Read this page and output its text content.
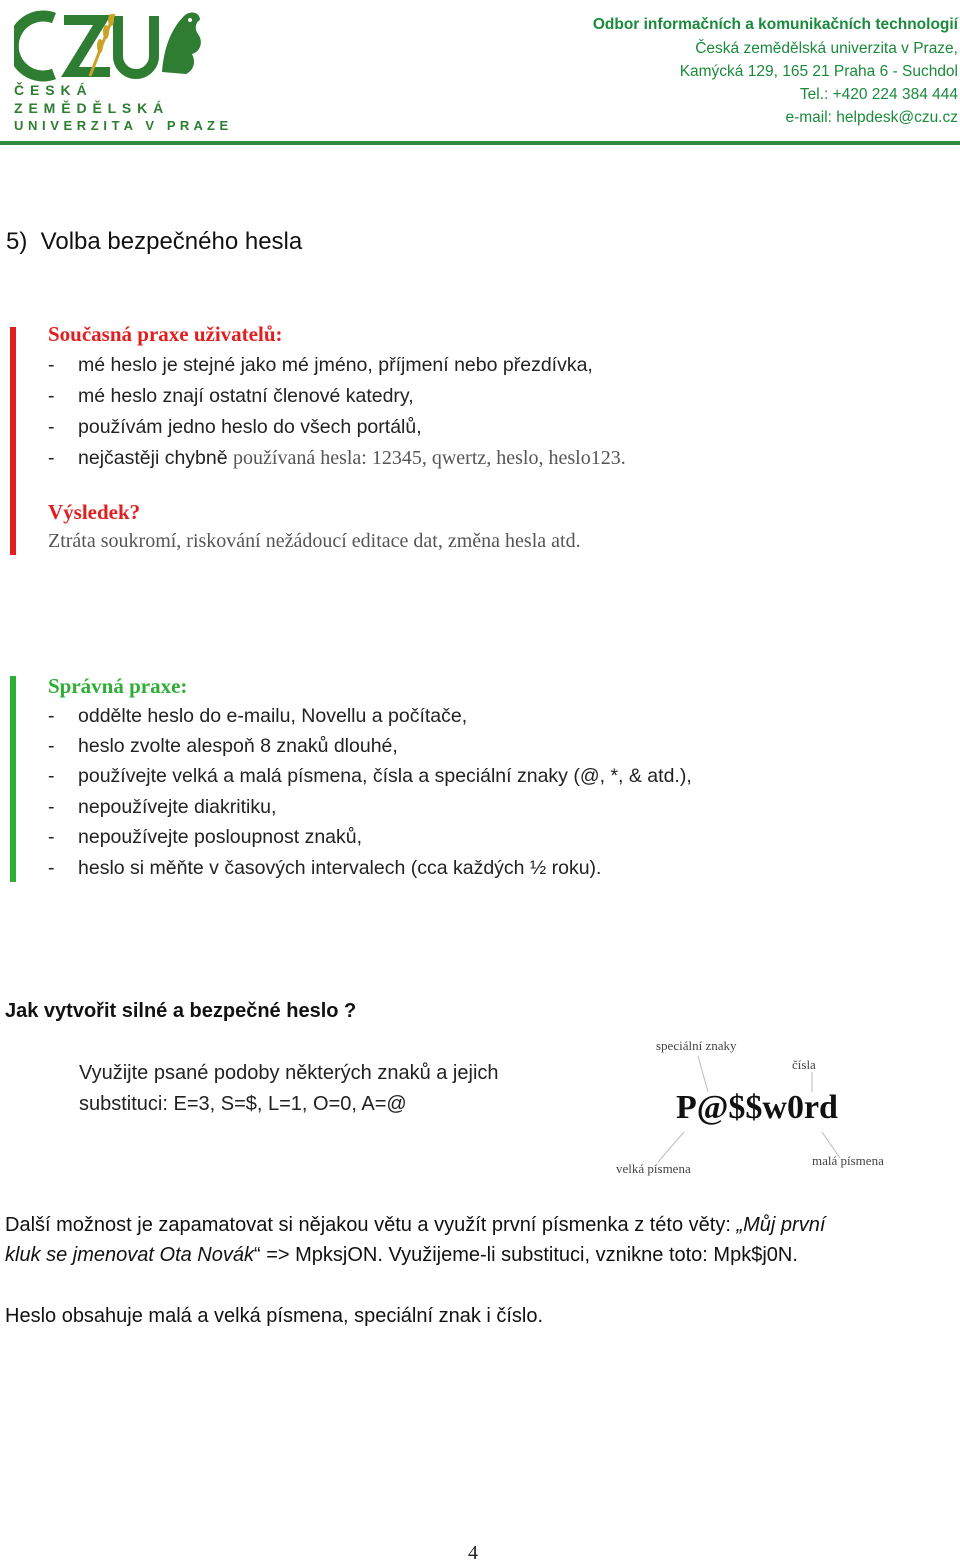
Č E S K Á
Z E M Ě D Ě L S K Á
U N I V E R Z I T A   V   P R A Z E
Odbor informačních a komunikačních technologií
Česká zemědělská univerzita v Praze,
Kamýcká 129, 165 21 Praha 6 - Suchdol
Tel.: +420 224 384 444
e-mail: helpdesk@czu.cz
5)  Volba bezpečného hesla
Současná praxe uživatelů:
- mé heslo je stejné jako mé jméno, příjmení nebo přezdívka,
- mé heslo znají ostatní členové katedry,
- používám jedno heslo do všech portálů,
- nejčastěji chybně používaná hesla: 12345, qwertz, heslo, heslo123.
Výsledek?
Ztráta soukromí, riskování nežádoucí editace dat, změna hesla atd.
Správná praxe:
- oddělte heslo do e-mailu, Novellu a počítače,
- heslo zvolte alespoň 8 znaků dlouhé,
- používejte velká a malá písmena, čísla a speciální znaky (@, *, & atd.),
- nepoužívejte diakritiku,
- nepoužívejte posloupnost znaků,
- heslo si měňte v časových intervalech (cca každých ½ roku).
Jak vytvořit silné a bezpečné heslo ?
Využijte psané podoby některých znaků a jejich
substituci: E=3, S=$, L=1, O=0, A=@
speciální znaky
čísla
P@$$w0rd
velká písmena
malá písmena
Další možnost je zapamatovat si nějakou větu a využít první písmenka z této věty: „Můj první
kluk se jmenovat Ota Novák“ => MpksjON. Využijeme-li substituci, vznikne toto: Mpk$j0N.
Heslo obsahuje malá a velká písmena, speciální znak i číslo.
4
